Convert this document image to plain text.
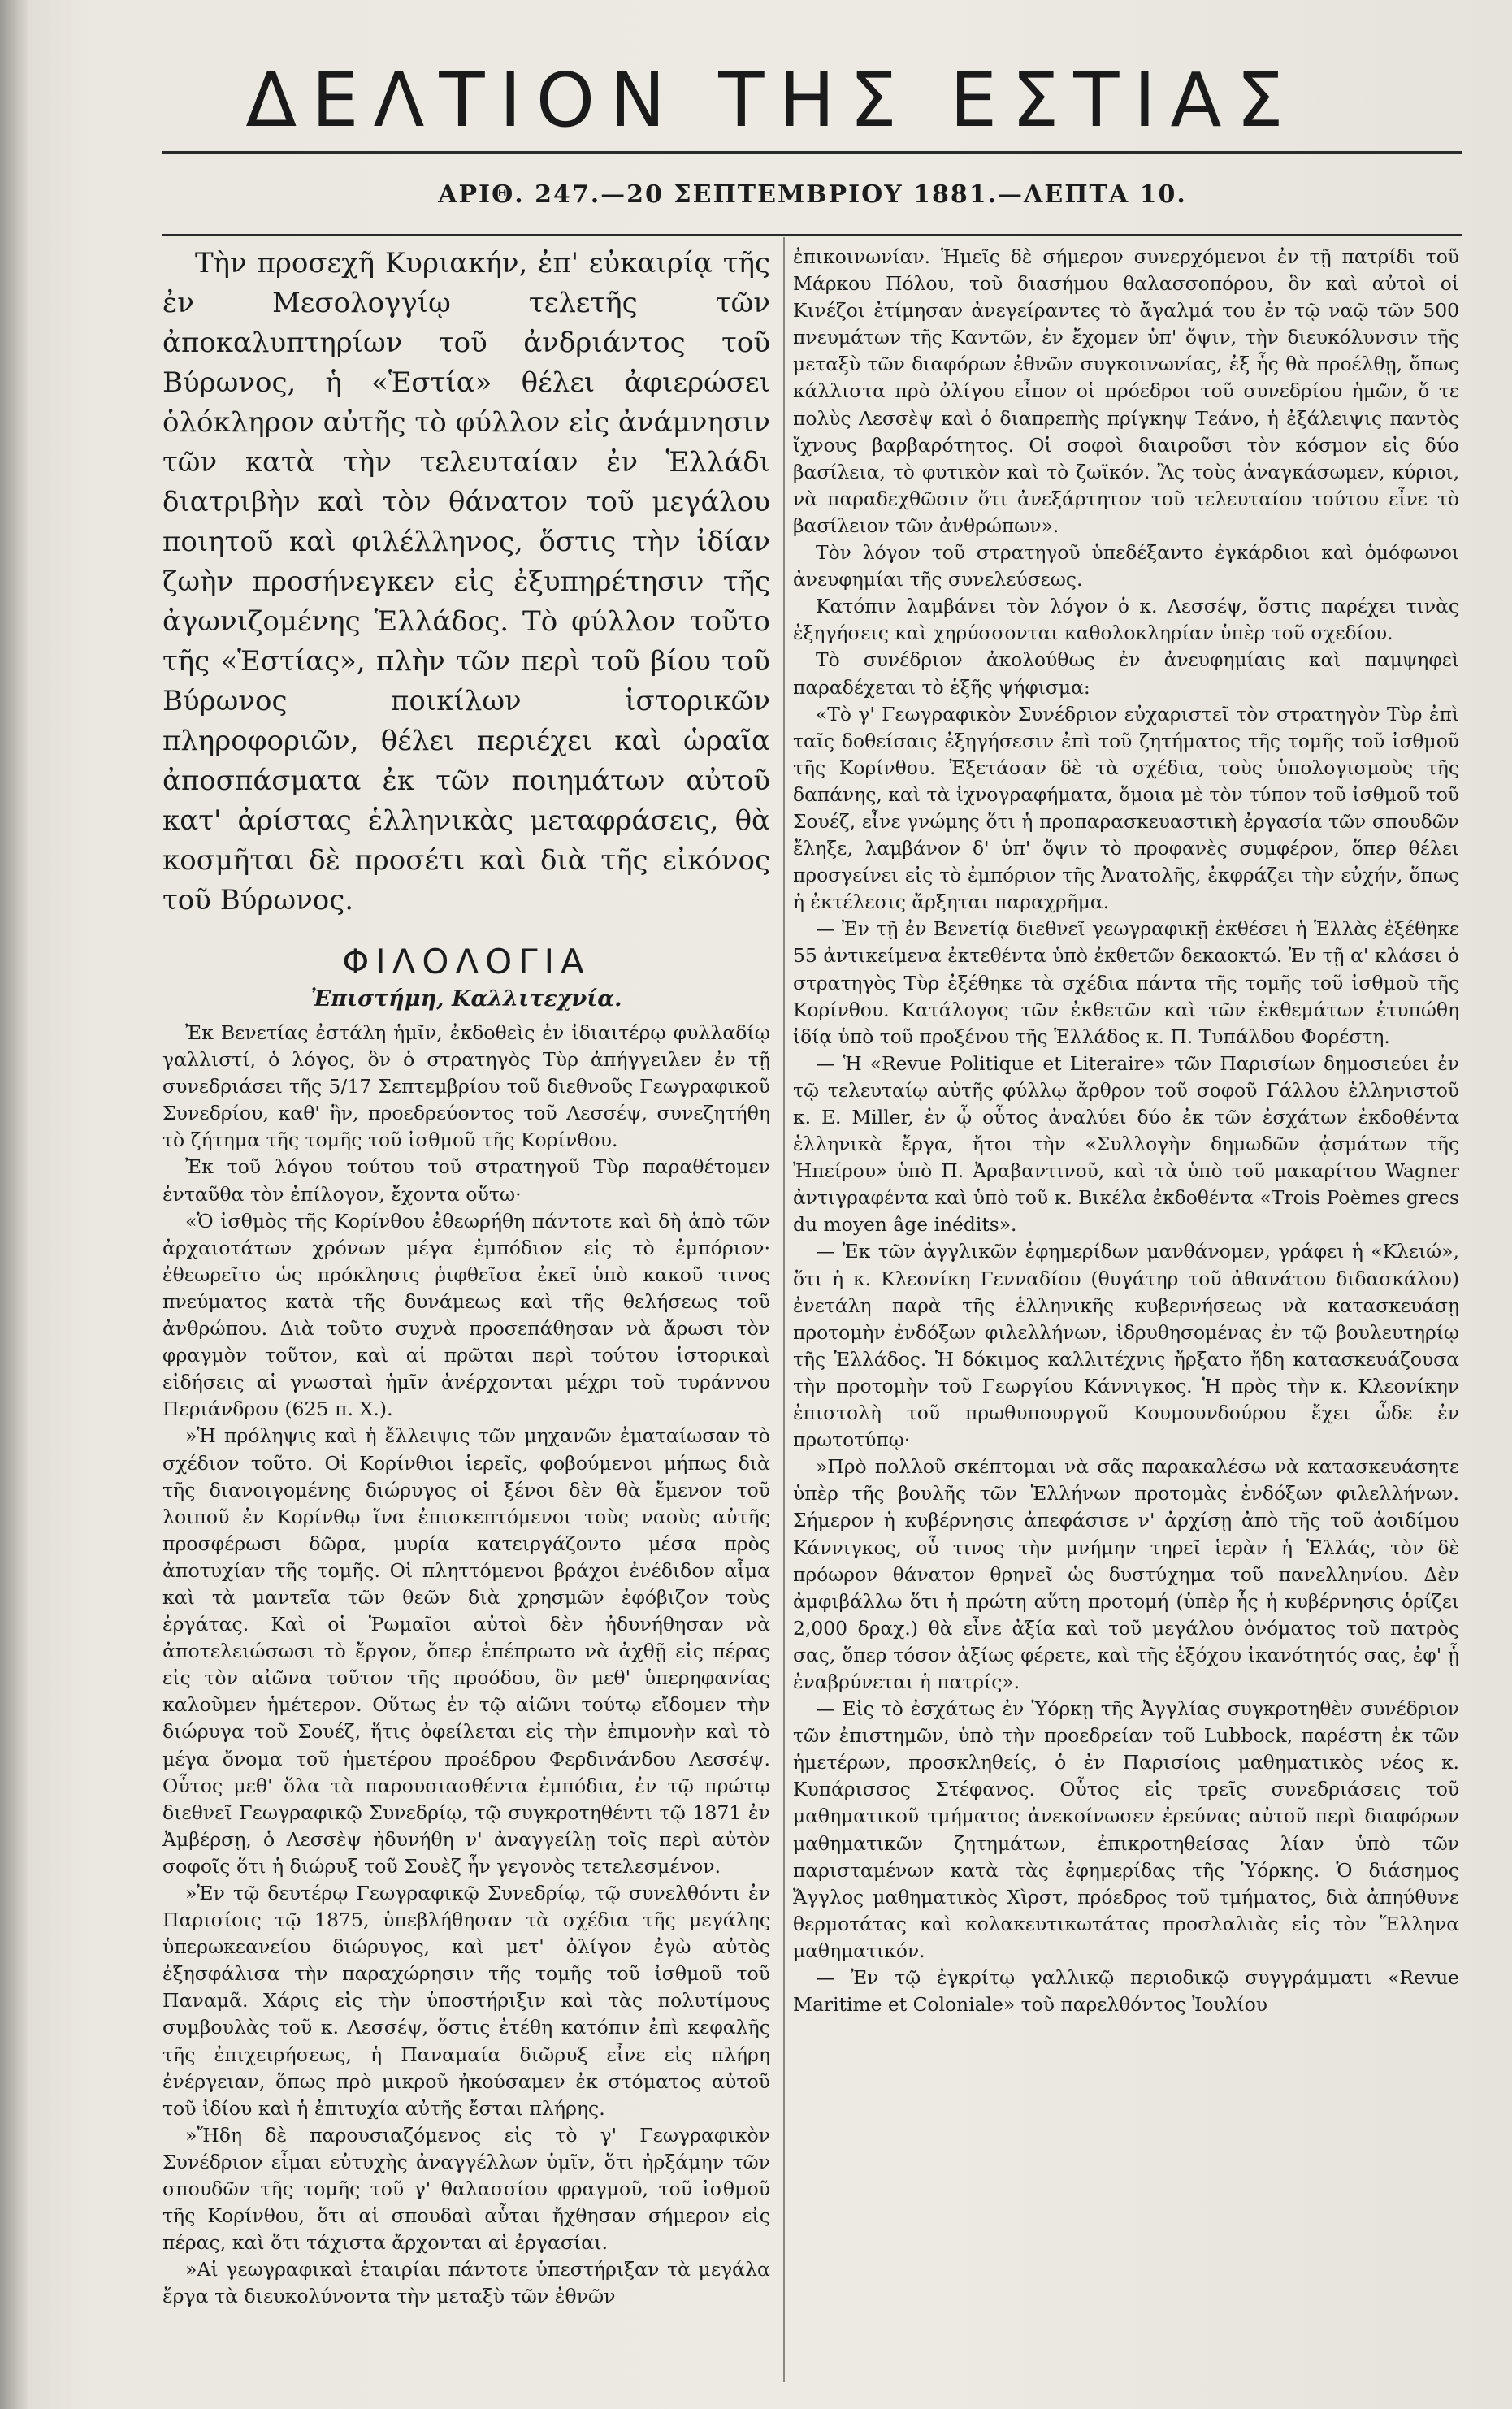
ΔΕΛΤΙΟΝ ΤΗΣ ΕΣΤΙΑΣ
ΑΡΙΘ. 247.—20 ΣΕΠΤΕΜΒΡΙΟΥ 1881.—ΛΕΠΤΑ 10.

Τὴν προσεχῆ Κυριακήν, ἐπ' εὐκαιρίᾳ τῆς ἐν Μεσολογγίῳ τελετῆς τῶν ἀποκαλυπτηρίων τοῦ ἀνδριάντος τοῦ Βύρωνος, ἡ «Ἑστία» θέλει ἀφιερώσει ὁλόκληρον αὐτῆς τὸ φύλλον εἰς ἀνάμνησιν τῶν κατὰ τὴν τελευταίαν ἐν Ἑλλάδι διατριβὴν καὶ τὸν θάνατον τοῦ μεγάλου ποιητοῦ καὶ φιλέλληνος, ὅστις τὴν ἰδίαν ζωὴν προσήνεγκεν εἰς ἐξυπηρέτησιν τῆς ἀγωνιζομένης Ἑλλάδος. Τὸ φύλλον τοῦτο τῆς «Ἑστίας», πλὴν τῶν περὶ τοῦ βίου τοῦ Βύρωνος ποικίλων ἱστορικῶν πληροφοριῶν, θέλει περιέχει καὶ ὡραῖα ἀποσπάσματα ἐκ τῶν ποιημάτων αὐτοῦ κατ' ἀρίστας ἑλληνικὰς μεταφράσεις, θὰ κοσμῆται δὲ προσέτι καὶ διὰ τῆς εἰκόνος τοῦ Βύρωνος.

ΦΙΛΟΛΟΓΙΑ
Ἐπιστήμη, Καλλιτεχνία.

Ἐκ Βενετίας ἐστάλη ἡμῖν, ἐκδοθεὶς ἐν ἰδιαιτέρῳ φυλλαδίῳ γαλλιστί, ὁ λόγος, ὃν ὁ στρατηγὸς Τὺρ ἀπήγγειλεν ἐν τῇ συνεδριάσει τῆς 5/17 Σεπτεμβρίου τοῦ διεθνοῦς Γεωγραφικοῦ Συνεδρίου, καθ' ἣν, προεδρεύοντος τοῦ Λεσσέψ, συνεζητήθη τὸ ζήτημα τῆς τομῆς τοῦ ἰσθμοῦ τῆς Κορίνθου.

Ἐκ τοῦ λόγου τούτου τοῦ στρατηγοῦ Τὺρ παραθέτομεν ἐνταῦθα τὸν ἐπίλογον, ἔχοντα οὕτω·

«Ὁ ἰσθμὸς τῆς Κορίνθου ἐθεωρήθη πάντοτε καὶ δὴ ἀπὸ τῶν ἀρχαιοτάτων χρόνων μέγα ἐμπόδιον εἰς τὸ ἐμπόριον· ἐθεωρεῖτο ὡς πρόκλησις ῥιφθεῖσα ἐκεῖ ὑπὸ κακοῦ τινος πνεύματος κατὰ τῆς δυνάμεως καὶ τῆς θελήσεως τοῦ ἀνθρώπου. Διὰ τοῦτο συχνὰ προσεπάθησαν νὰ ἄρωσι τὸν φραγμὸν τοῦτον, καὶ αἱ πρῶται περὶ τούτου ἱστορικαὶ εἰδήσεις αἱ γνωσταὶ ἡμῖν ἀνέρχονται μέχρι τοῦ τυράννου Περιάνδρου (625 π. Χ.).

»Ἡ πρόληψις καὶ ἡ ἔλλειψις τῶν μηχανῶν ἐματαίωσαν τὸ σχέδιον τοῦτο. Οἱ Κορίνθιοι ἱερεῖς, φοβούμενοι μήπως διὰ τῆς διανοιγομένης διώρυγος οἱ ξένοι δὲν θὰ ἔμενον τοῦ λοιποῦ ἐν Κορίνθῳ ἵνα ἐπισκεπτόμενοι τοὺς ναοὺς αὐτῆς προσφέρωσι δῶρα, μυρία κατειργάζοντο μέσα πρὸς ἀποτυχίαν τῆς τομῆς. Οἱ πληττόμενοι βράχοι ἐνέδιδον αἷμα καὶ τὰ μαντεῖα τῶν θεῶν διὰ χρησμῶν ἐφόβιζον τοὺς ἐργάτας. Καὶ οἱ Ῥωμαῖοι αὐτοὶ δὲν ἠδυνήθησαν νὰ ἀποτελειώσωσι τὸ ἔργον, ὅπερ ἐπέπρωτο νὰ ἀχθῇ εἰς πέρας εἰς τὸν αἰῶνα τοῦτον τῆς προόδου, ὃν μεθ' ὑπερηφανίας καλοῦμεν ἡμέτερον. Οὕτως ἐν τῷ αἰῶνι τούτῳ εἴδομεν τὴν διώρυγα τοῦ Σουέζ, ἥτις ὀφείλεται εἰς τὴν ἐπιμονὴν καὶ τὸ μέγα ὄνομα τοῦ ἡμετέρου προέδρου Φερδινάνδου Λεσσέψ. Οὗτος μεθ' ὅλα τὰ παρουσιασθέντα ἐμπόδια, ἐν τῷ πρώτῳ διεθνεῖ Γεωγραφικῷ Συνεδρίῳ, τῷ συγκροτηθέντι τῷ 1871 ἐν Ἀμβέρσῃ, ὁ Λεσσὲψ ἠδυνήθη ν' ἀναγγείλῃ τοῖς περὶ αὐτὸν σοφοῖς ὅτι ἡ διώρυξ τοῦ Σουὲζ ἦν γεγονὸς τετελεσμένον.

»Ἐν τῷ δευτέρῳ Γεωγραφικῷ Συνεδρίῳ, τῷ συνελθόντι ἐν Παρισίοις τῷ 1875, ὑπεβλήθησαν τὰ σχέδια τῆς μεγάλης ὑπερωκεανείου διώρυγος, καὶ μετ' ὀλίγον ἐγὼ αὐτὸς ἐξησφάλισα τὴν παραχώρησιν τῆς τομῆς τοῦ ἰσθμοῦ τοῦ Παναμᾶ. Χάρις εἰς τὴν ὑποστήριξιν καὶ τὰς πολυτίμους συμβουλὰς τοῦ κ. Λεσσέψ, ὅστις ἐτέθη κατόπιν ἐπὶ κεφαλῆς τῆς ἐπιχειρήσεως, ἡ Παναμαία διῶρυξ εἶνε εἰς πλήρη ἐνέργειαν, ὅπως πρὸ μικροῦ ἠκούσαμεν ἐκ στόματος αὐτοῦ τοῦ ἰδίου καὶ ἡ ἐπιτυχία αὐτῆς ἔσται πλήρης.

»Ἤδη δὲ παρουσιαζόμενος εἰς τὸ γ' Γεωγραφικὸν Συνέδριον εἶμαι εὐτυχὴς ἀναγγέλλων ὑμῖν, ὅτι ἠρξάμην τῶν σπουδῶν τῆς τομῆς τοῦ γ' θαλασσίου φραγμοῦ, τοῦ ἰσθμοῦ τῆς Κορίνθου, ὅτι αἱ σπουδαὶ αὗται ἤχθησαν σήμερον εἰς πέρας, καὶ ὅτι τάχιστα ἄρχονται αἱ ἐργασίαι.

»Αἱ γεωγραφικαὶ ἑταιρίαι πάντοτε ὑπεστήριξαν τὰ μεγάλα ἔργα τὰ διευκολύνοντα τὴν μεταξὺ τῶν ἐθνῶν

ἐπικοινωνίαν. Ἡμεῖς δὲ σήμερον συνερχόμενοι ἐν τῇ πατρίδι τοῦ Μάρκου Πόλου, τοῦ διασήμου θαλασσοπόρου, ὃν καὶ αὐτοὶ οἱ Κινέζοι ἐτίμησαν ἀνεγείραντες τὸ ἄγαλμά του ἐν τῷ ναῷ τῶν 500 πνευμάτων τῆς Καντῶν, ἐν ἔχομεν ὑπ' ὄψιν, τὴν διευκόλυνσιν τῆς μεταξὺ τῶν διαφόρων ἐθνῶν συγκοινωνίας, ἐξ ἧς θὰ προέλθῃ, ὅπως κάλλιστα πρὸ ὀλίγου εἶπον οἱ πρόεδροι τοῦ συνεδρίου ἡμῶν, ὅ τε πολὺς Λεσσὲψ καὶ ὁ διαπρεπὴς πρίγκηψ Τεάνο, ἡ ἐξάλειψις παντὸς ἴχνους βαρβαρότητος. Οἱ σοφοὶ διαιροῦσι τὸν κόσμον εἰς δύο βασίλεια, τὸ φυτικὸν καὶ τὸ ζωϊκόν. Ἂς τοὺς ἀναγκάσωμεν, κύριοι, νὰ παραδεχθῶσιν ὅτι ἀνεξάρτητον τοῦ τελευταίου τούτου εἶνε τὸ βασίλειον τῶν ἀνθρώπων».

Τὸν λόγον τοῦ στρατηγοῦ ὑπεδέξαντο ἐγκάρδιοι καὶ ὁμόφωνοι ἀνευφημίαι τῆς συνελεύσεως.

Κατόπιν λαμβάνει τὸν λόγον ὁ κ. Λεσσέψ, ὅστις παρέχει τινὰς ἐξηγήσεις καὶ χηρύσσονται καθολοκληρίαν ὑπὲρ τοῦ σχεδίου.

Τὸ συνέδριον ἀκολούθως ἐν ἀνευφημίαις καὶ παμψηφεὶ παραδέχεται τὸ ἑξῆς ψήφισμα:

«Τὸ γ' Γεωγραφικὸν Συνέδριον εὐχαριστεῖ τὸν στρατηγὸν Τὺρ ἐπὶ ταῖς δοθείσαις ἐξηγήσεσιν ἐπὶ τοῦ ζητήματος τῆς τομῆς τοῦ ἰσθμοῦ τῆς Κορίνθου. Ἐξετάσαν δὲ τὰ σχέδια, τοὺς ὑπολογισμοὺς τῆς δαπάνης, καὶ τὰ ἰχνογραφήματα, ὅμοια μὲ τὸν τύπον τοῦ ἰσθμοῦ τοῦ Σουέζ, εἶνε γνώμης ὅτι ἡ προπαρασκευαστικὴ ἐργασία τῶν σπουδῶν ἔληξε, λαμβάνον δ' ὑπ' ὄψιν τὸ προφανὲς συμφέρον, ὅπερ θέλει προσγείνει εἰς τὸ ἐμπόριον τῆς Ἀνατολῆς, ἐκφράζει τὴν εὐχήν, ὅπως ἡ ἐκτέλεσις ἄρξηται παραχρῆμα.

— Ἐν τῇ ἐν Βενετίᾳ διεθνεῖ γεωγραφικῇ ἐκθέσει ἡ Ἑλλὰς ἐξέθηκε 55 ἀντικείμενα ἐκτεθέντα ὑπὸ ἐκθετῶν δεκαοκτώ. Ἐν τῇ α' κλάσει ὁ στρατηγὸς Τὺρ ἐξέθηκε τὰ σχέδια πάντα τῆς τομῆς τοῦ ἰσθμοῦ τῆς Κορίνθου. Κατάλογος τῶν ἐκθετῶν καὶ τῶν ἐκθεμάτων ἐτυπώθη ἰδίᾳ ὑπὸ τοῦ προξένου τῆς Ἑλλάδος κ. Π. Τυπάλδου Φορέστη.

— Ἡ «Revue Politique et Literaire» τῶν Παρισίων δημοσιεύει ἐν τῷ τελευταίῳ αὐτῆς φύλλῳ ἄρθρον τοῦ σοφοῦ Γάλλου ἑλληνιστοῦ κ. Ε. Miller, ἐν ᾧ οὗτος ἀναλύει δύο ἐκ τῶν ἐσχάτων ἐκδοθέντα ἑλληνικὰ ἔργα, ἤτοι τὴν «Συλλογὴν δημωδῶν ᾀσμάτων τῆς Ἠπείρου» ὑπὸ Π. Ἀραβαντινοῦ, καὶ τὰ ὑπὸ τοῦ μακαρίτου Wagner ἀντιγραφέντα καὶ ὑπὸ τοῦ κ. Βικέλα ἐκδοθέντα «Trois Poèmes grecs du moyen âge inédits».

— Ἐκ τῶν ἀγγλικῶν ἐφημερίδων μανθάνομεν, γράφει ἡ «Κλειώ», ὅτι ἡ κ. Κλεονίκη Γενναδίου (θυγάτηρ τοῦ ἀθανάτου διδασκάλου) ἐνετάλη παρὰ τῆς ἑλληνικῆς κυβερνήσεως νὰ κατασκευάσῃ προτομὴν ἐνδόξων φιλελλήνων, ἱδρυθησομένας ἐν τῷ βουλευτηρίῳ τῆς Ἑλλάδος. Ἡ δόκιμος καλλιτέχνις ἤρξατο ἤδη κατασκευάζουσα τὴν προτομὴν τοῦ Γεωργίου Κάννιγκος. Ἡ πρὸς τὴν κ. Κλεονίκην ἐπιστολὴ τοῦ πρωθυπουργοῦ Κουμουνδούρου ἔχει ὧδε ἐν πρωτοτύπῳ·

»Πρὸ πολλοῦ σκέπτομαι νὰ σᾶς παρακαλέσω νὰ κατασκευάσητε ὑπὲρ τῆς βουλῆς τῶν Ἑλλήνων προτομὰς ἐνδόξων φιλελλήνων. Σήμερον ἡ κυβέρνησις ἀπεφάσισε ν' ἀρχίσῃ ἀπὸ τῆς τοῦ ἀοιδίμου Κάννιγκος, οὗ τινος τὴν μνήμην τηρεῖ ἱερὰν ἡ Ἑλλάς, τὸν δὲ πρόωρον θάνατον θρηνεῖ ὡς δυστύχημα τοῦ πανελληνίου. Δὲν ἀμφιβάλλω ὅτι ἡ πρώτη αὕτη προτομή (ὑπὲρ ἧς ἡ κυβέρνησις ὁρίζει 2,000 δραχ.) θὰ εἶνε ἀξία καὶ τοῦ μεγάλου ὀνόματος τοῦ πατρὸς σας, ὅπερ τόσον ἀξίως φέρετε, καὶ τῆς ἐξόχου ἱκανότητός σας, ἐφ' ᾗ ἐναβρύνεται ἡ πατρίς».

— Εἰς τὸ ἐσχάτως ἐν Ὑόρκῃ τῆς Ἀγγλίας συγκροτηθὲν συνέδριον τῶν ἐπιστημῶν, ὑπὸ τὴν προεδρείαν τοῦ Lubbock, παρέστη ἐκ τῶν ἡμετέρων, προσκληθείς, ὁ ἐν Παρισίοις μαθηματικὸς νέος κ. Κυπάρισσος Στέφανος. Οὗτος εἰς τρεῖς συνεδριάσεις τοῦ μαθηματικοῦ τμήματος ἀνεκοίνωσεν ἐρεύνας αὐτοῦ περὶ διαφόρων μαθηματικῶν ζητημάτων, ἐπικροτηθείσας λίαν ὑπὸ τῶν παρισταμένων κατὰ τὰς ἐφημερίδας τῆς Ὑόρκης. Ὁ διάσημος Ἄγγλος μαθηματικὸς Χὶρστ, πρόεδρος τοῦ τμήματος, διὰ ἀπηύθυνε θερμοτάτας καὶ κολακευτικωτάτας προσλαλιὰς εἰς τὸν Ἕλληνα μαθηματικόν.

— Ἐν τῷ ἐγκρίτῳ γαλλικῷ περιοδικῷ συγγράμματι «Revue Maritime et Coloniale» τοῦ παρελθόντος Ἰουλίου
